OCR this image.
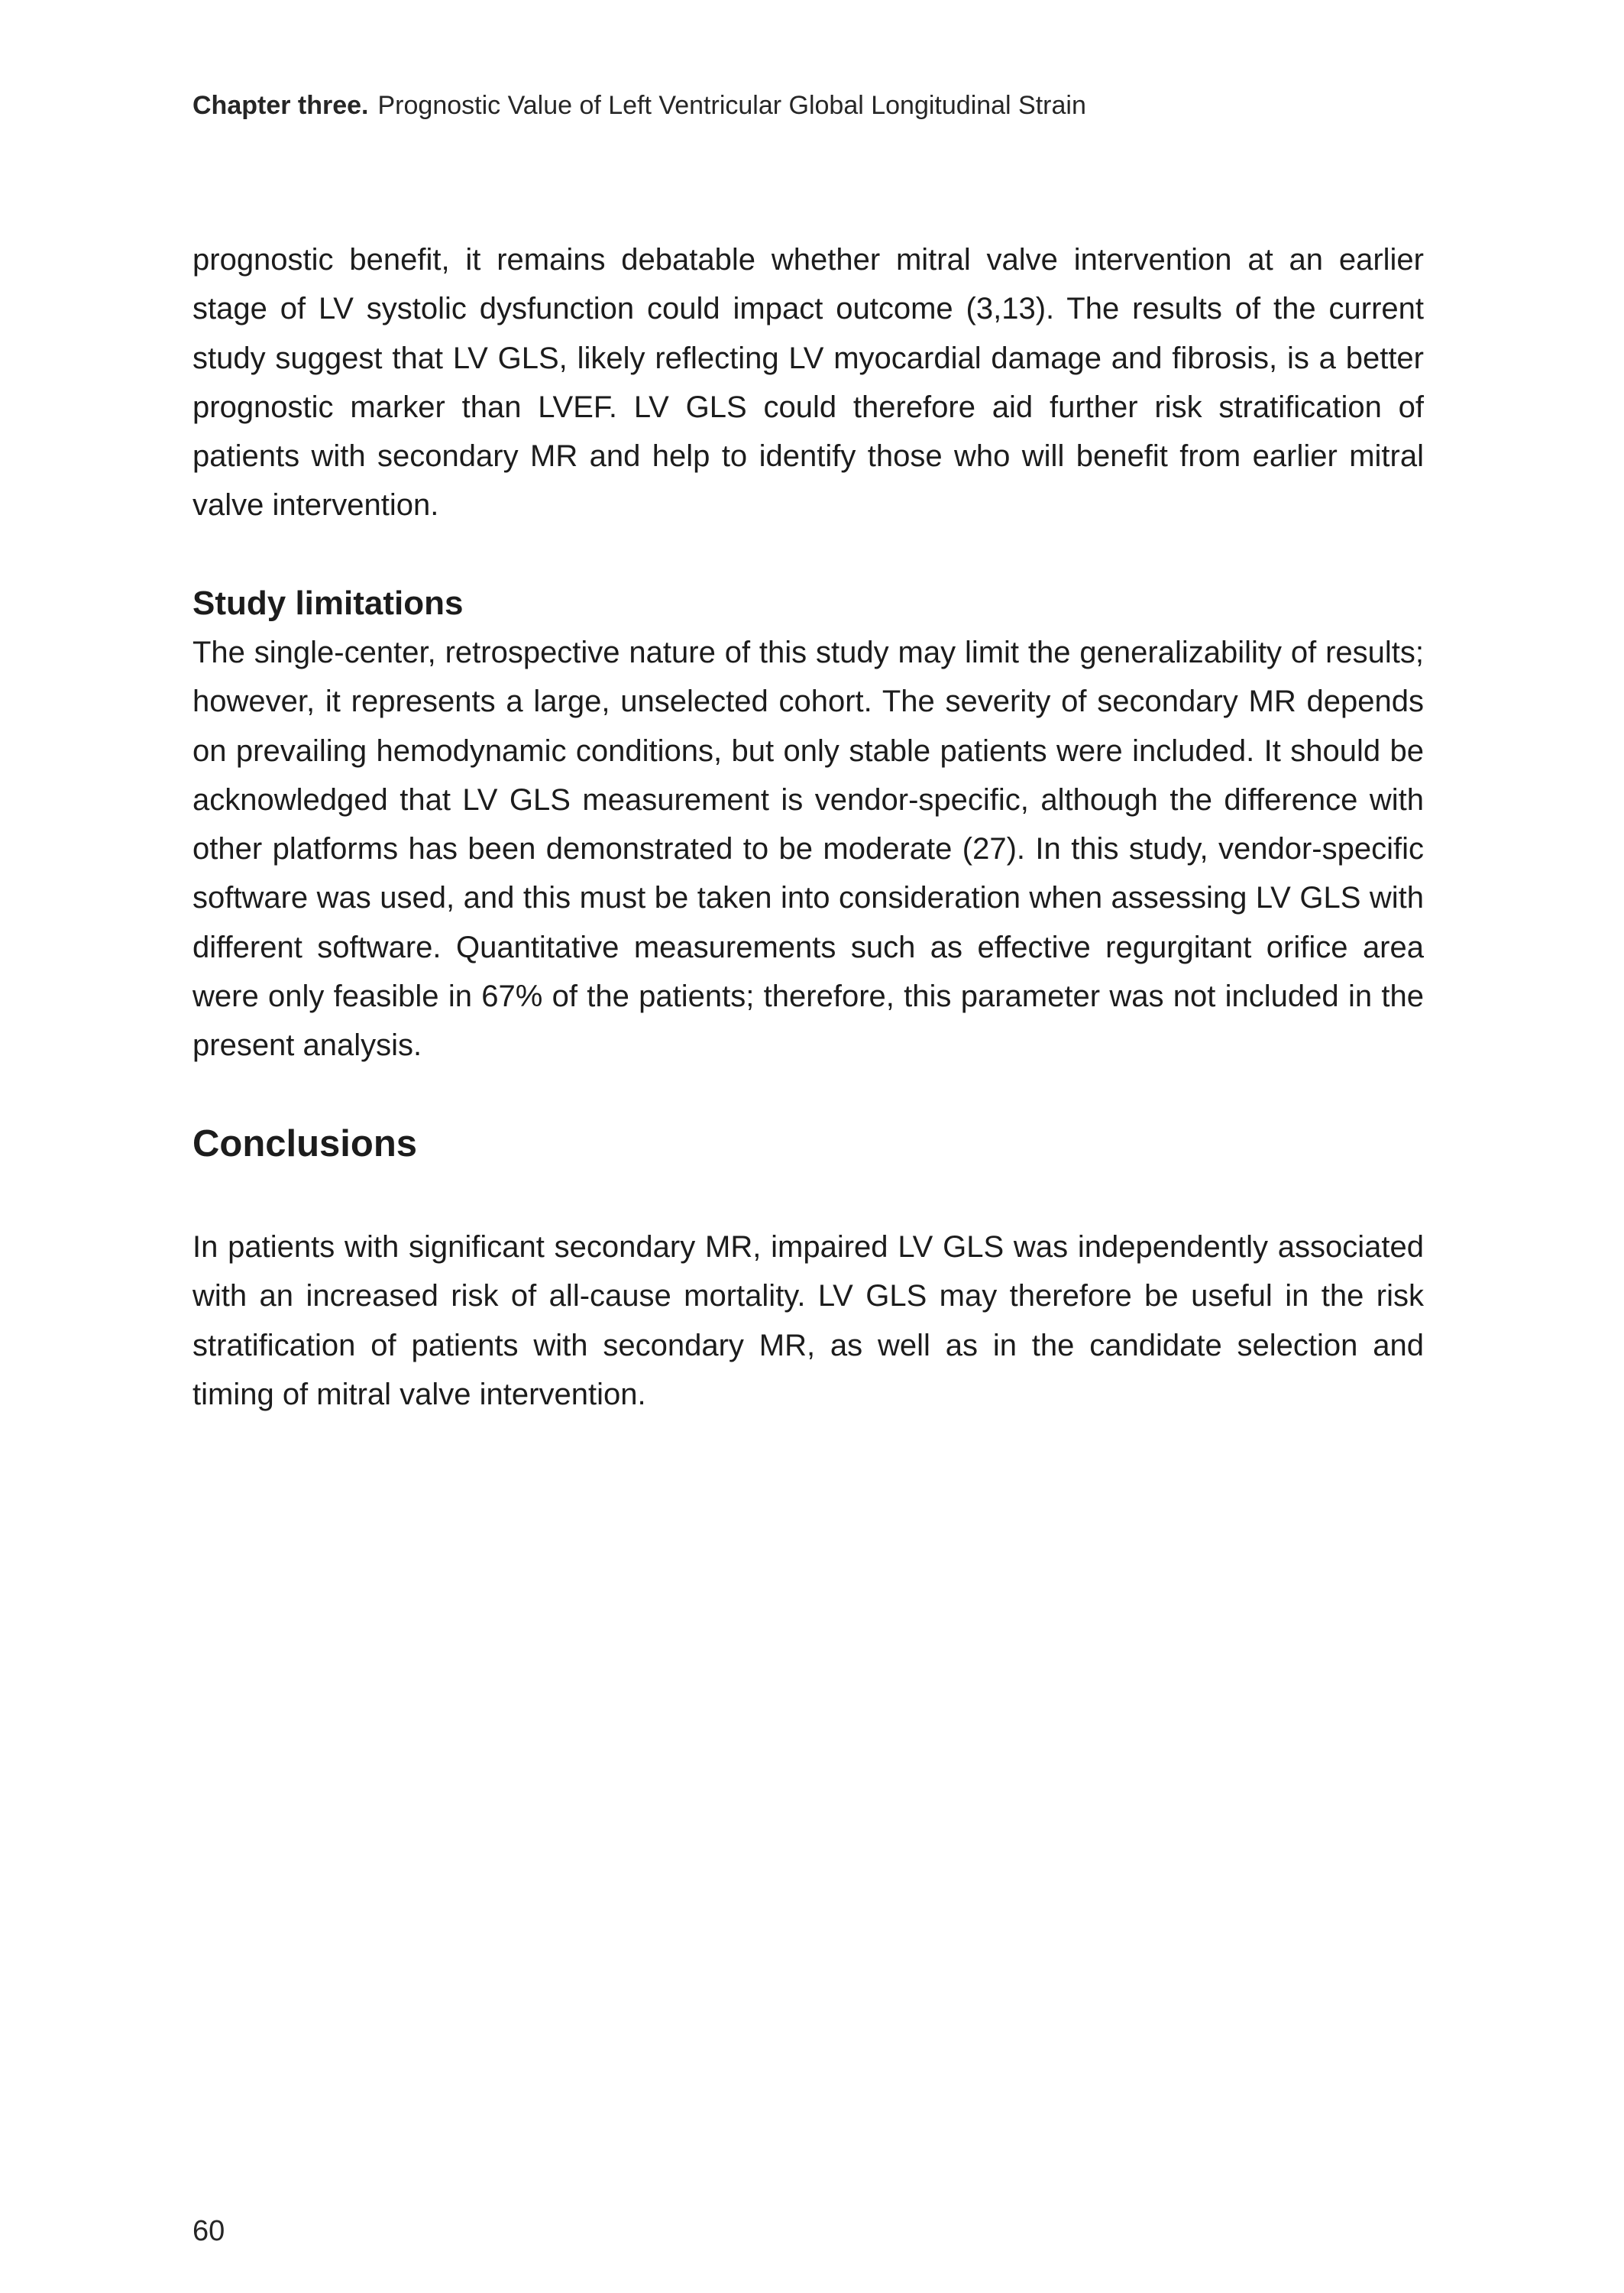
Chapter three. Prognostic Value of Left Ventricular Global Longitudinal Strain

prognostic benefit, it remains debatable whether mitral valve intervention at an earlier stage of LV systolic dysfunction could impact outcome (3,13). The results of the current study suggest that LV GLS, likely reflecting LV myocardial damage and fibrosis, is a better prognostic marker than LVEF. LV GLS could therefore aid further risk stratification of patients with secondary MR and help to identify those who will benefit from earlier mitral valve intervention.

Study limitations

The single-center, retrospective nature of this study may limit the generalizability of results; however, it represents a large, unselected cohort. The severity of secondary MR depends on prevailing hemodynamic conditions, but only stable patients were included. It should be acknowledged that LV GLS measurement is vendor-specific, although the difference with other platforms has been demonstrated to be moderate (27). In this study, vendor-specific software was used, and this must be taken into consideration when assessing LV GLS with different software. Quantitative measurements such as effective regurgitant orifice area were only feasible in 67% of the patients; therefore, this parameter was not included in the present analysis.

Conclusions

In patients with significant secondary MR, impaired LV GLS was independently associated with an increased risk of all-cause mortality. LV GLS may therefore be useful in the risk stratification of patients with secondary MR, as well as in the candidate selection and timing of mitral valve intervention.

60
